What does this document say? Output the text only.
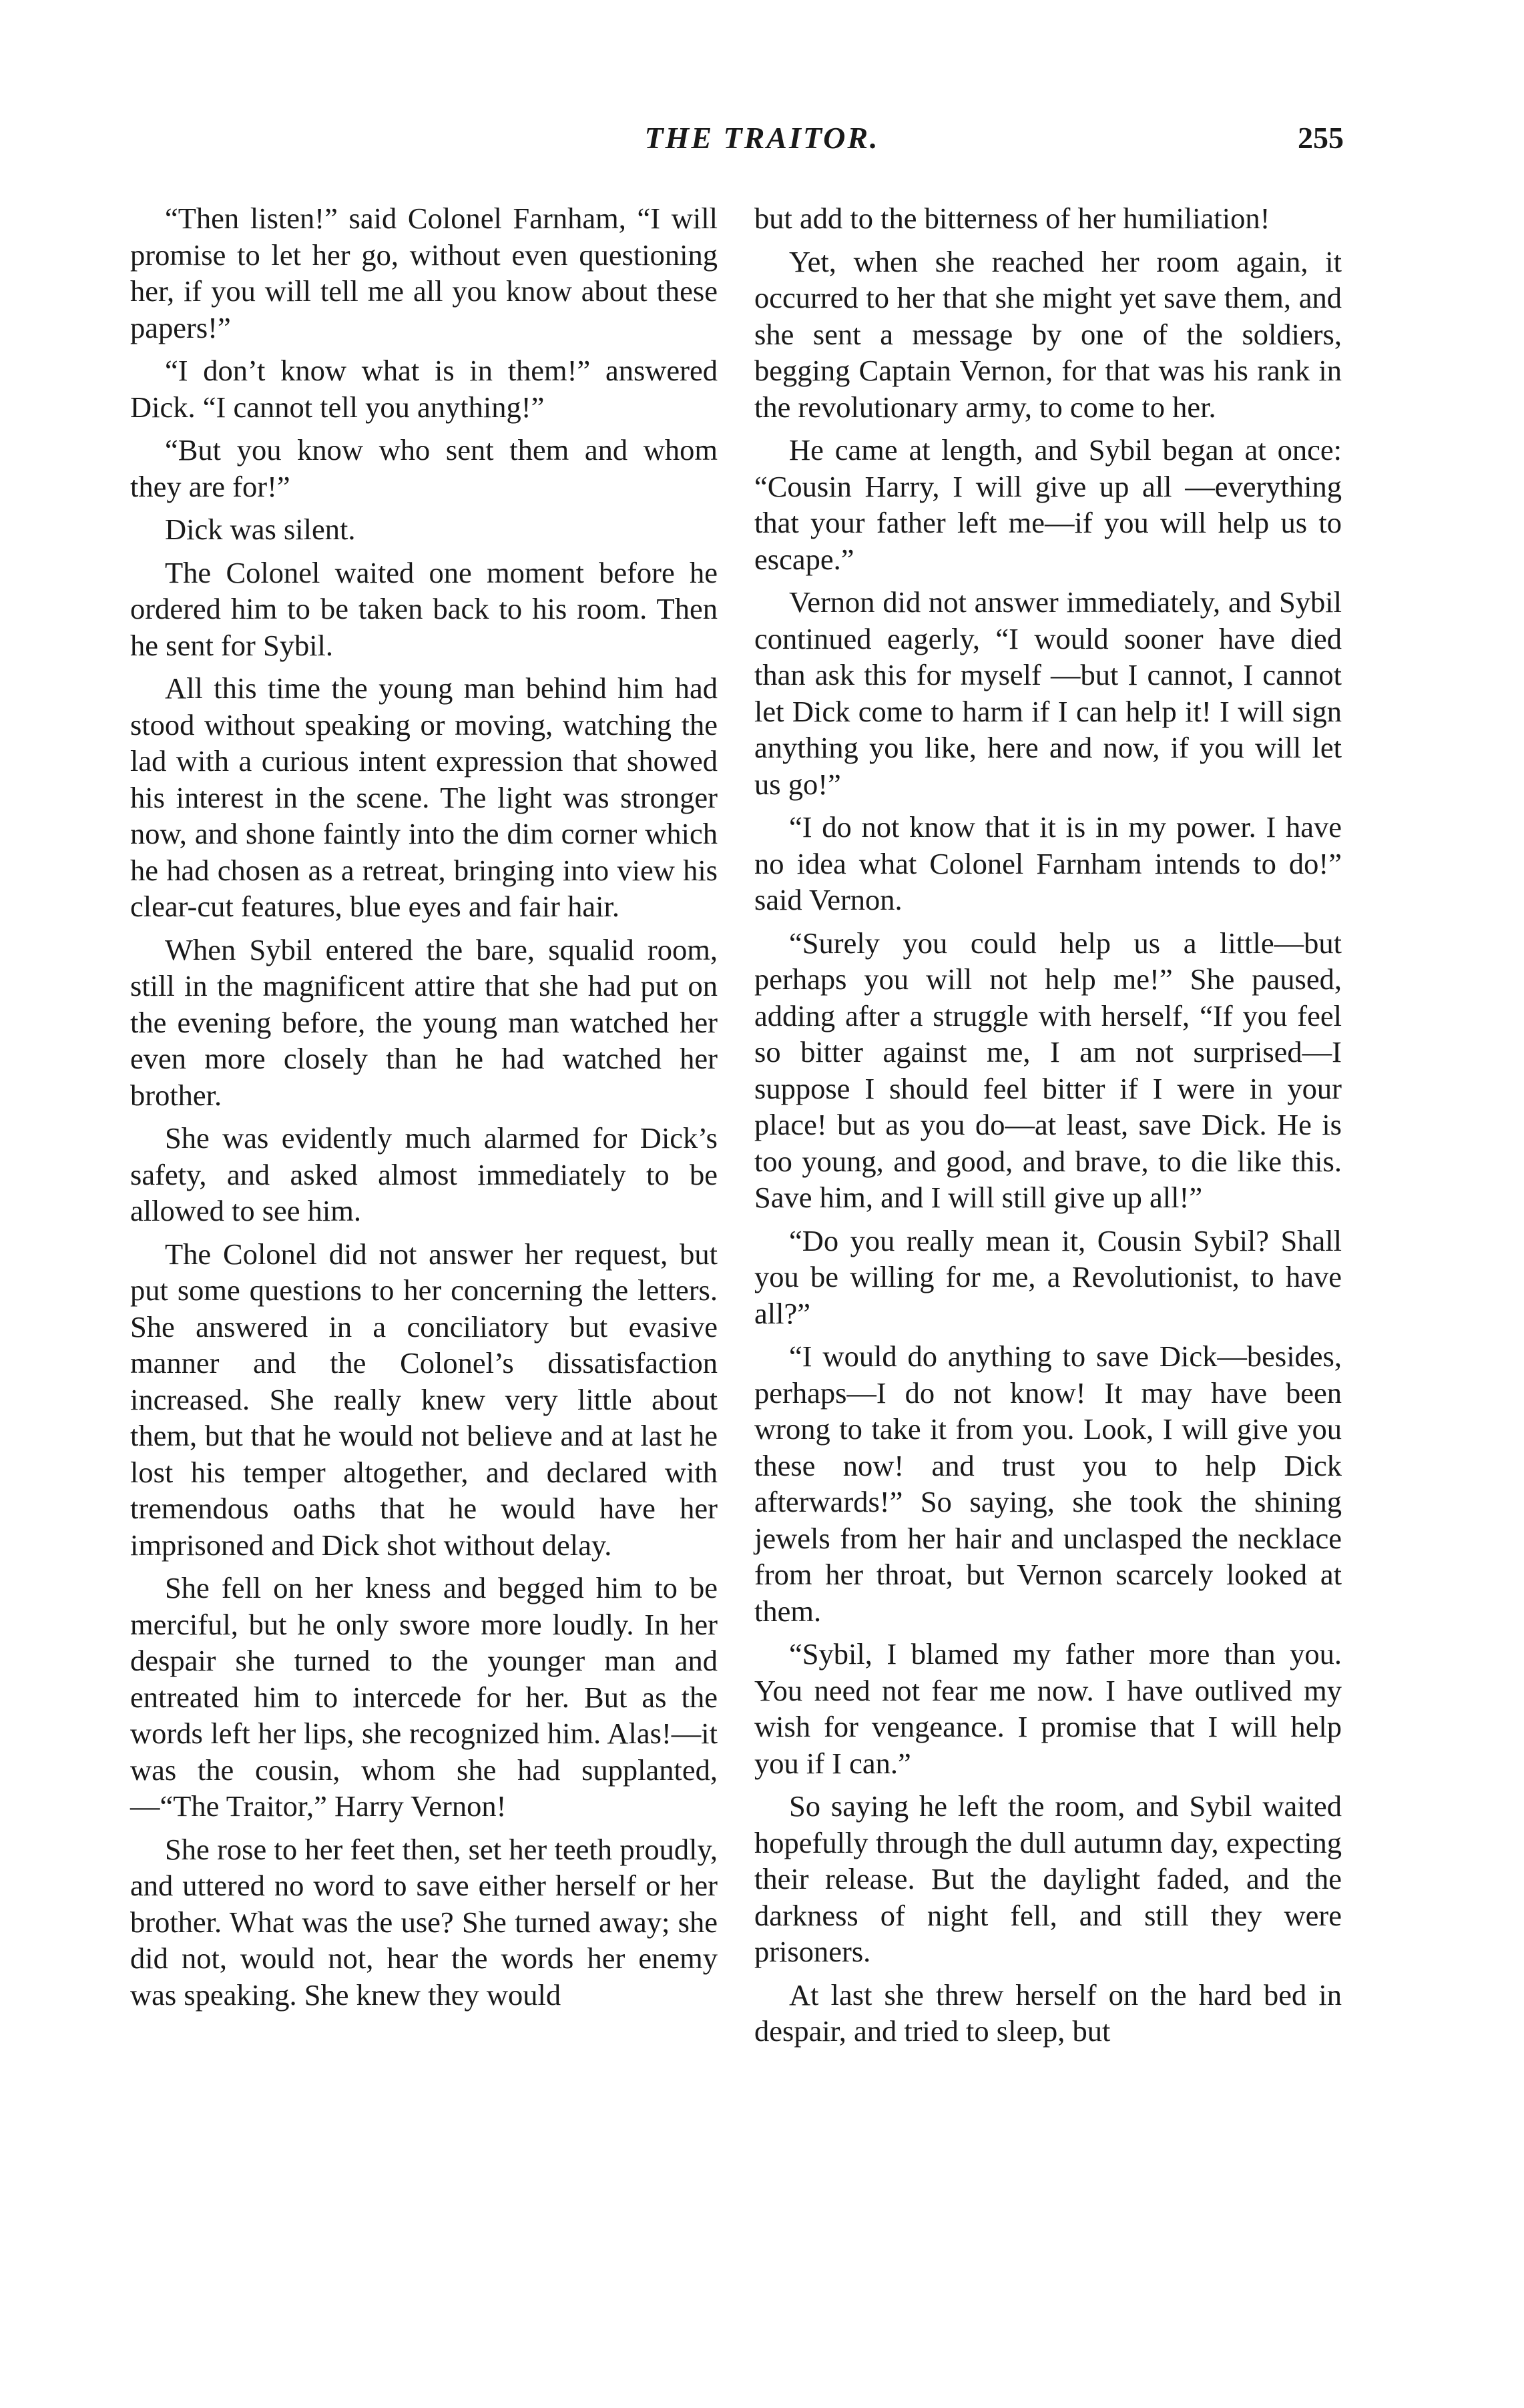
THE TRAITOR.	255

“Then listen!” said Colonel Farnham, “I will promise to let her go, without even questioning her, if you will tell me all you know about these papers!”

“I don’t know what is in them!” answered Dick. “I cannot tell you anything!”

“But you know who sent them and whom they are for!”

Dick was silent.

The Colonel waited one moment before he ordered him to be taken back to his room. Then he sent for Sybil.

All this time the young man behind him had stood without speaking or moving, watching the lad with a curious intent expression that showed his interest in the scene. The light was stronger now, and shone faintly into the dim corner which he had chosen as a retreat, bringing into view his clear-cut features, blue eyes and fair hair.

When Sybil entered the bare, squalid room, still in the magnificent attire that she had put on the evening before, the young man watched her even more closely than he had watched her brother.

She was evidently much alarmed for Dick’s safety, and asked almost immediately to be allowed to see him.

The Colonel did not answer her request, but put some questions to her concerning the letters. She answered in a conciliatory but evasive manner and the Colonel’s dissatisfaction increased. She really knew very little about them, but that he would not believe and at last he lost his temper altogether, and declared with tremendous oaths that he would have her imprisoned and Dick shot without delay.

She fell on her kness and begged him to be merciful, but he only swore more loudly. In her despair she turned to the younger man and entreated him to intercede for her. But as the words left her lips, she recognized him. Alas!—it was the cousin, whom she had supplanted,—“The Traitor,” Harry Vernon!

She rose to her feet then, set her teeth proudly, and uttered no word to save either herself or her brother. What was the use? She turned away; she did not, would not, hear the words her enemy was speaking. She knew they would

but add to the bitterness of her humiliation!

Yet, when she reached her room again, it occurred to her that she might yet save them, and she sent a message by one of the soldiers, begging Captain Vernon, for that was his rank in the revolutionary army, to come to her.

He came at length, and Sybil began at once: “Cousin Harry, I will give up all —everything that your father left me—if you will help us to escape.”

Vernon did not answer immediately, and Sybil continued eagerly, “I would sooner have died than ask this for myself —but I cannot, I cannot let Dick come to harm if I can help it! I will sign anything you like, here and now, if you will let us go!”

“I do not know that it is in my power. I have no idea what Colonel Farnham intends to do!” said Vernon.

“Surely you could help us a little—but perhaps you will not help me!” She paused, adding after a struggle with herself, “If you feel so bitter against me, I am not surprised—I suppose I should feel bitter if I were in your place! but as you do—at least, save Dick. He is too young, and good, and brave, to die like this. Save him, and I will still give up all!”

“Do you really mean it, Cousin Sybil? Shall you be willing for me, a Revolutionist, to have all?”

“I would do anything to save Dick—besides, perhaps—I do not know! It may have been wrong to take it from you. Look, I will give you these now! and trust you to help Dick afterwards!” So saying, she took the shining jewels from her hair and unclasped the necklace from her throat, but Vernon scarcely looked at them.

“Sybil, I blamed my father more than you. You need not fear me now. I have outlived my wish for vengeance. I promise that I will help you if I can.”

So saying he left the room, and Sybil waited hopefully through the dull autumn day, expecting their release. But the daylight faded, and the darkness of night fell, and still they were prisoners.

At last she threw herself on the hard bed in despair, and tried to sleep, but
